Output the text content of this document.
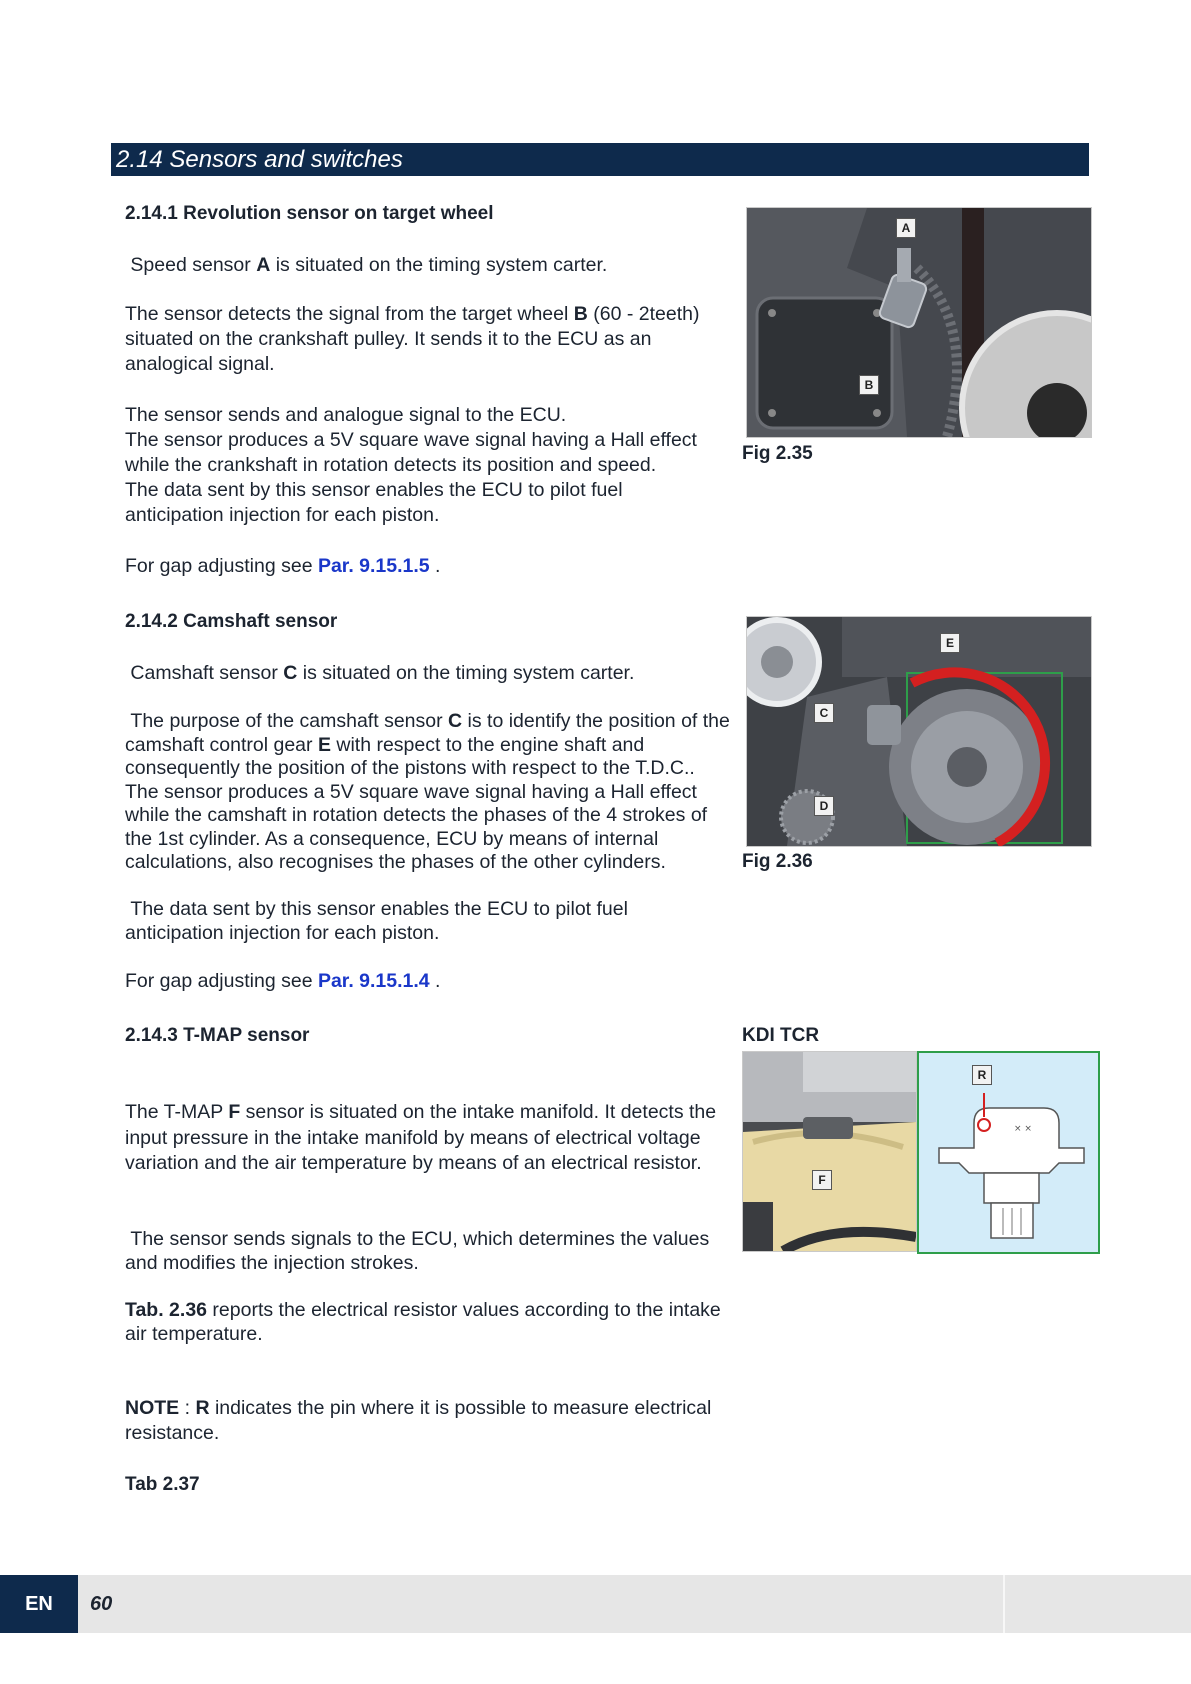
2.14 Sensors and switches
2.14.1 Revolution sensor on target wheel
Speed sensor A is situated on the timing system carter.
The sensor detects the signal from the target wheel B (60 - 2teeth) situated on the crankshaft pulley. It sends it to the ECU as an analogical signal.
The sensor sends and analogue signal to the ECU.
The sensor produces a 5V square wave signal having a Hall effect while the crankshaft in rotation detects its position and speed.
The data sent by this sensor enables the ECU to pilot fuel anticipation injection for each piston.
For gap adjusting see Par. 9.15.1.5 .
A
B
Fig 2.35
2.14.2 Camshaft sensor
Camshaft sensor C is situated on the timing system carter.
The purpose of the camshaft sensor C is to identify the position of the camshaft control gear E with respect to the engine shaft and consequently the position of the pistons with respect to the T.D.C.. The sensor produces a 5V square wave signal having a Hall effect while the camshaft in rotation detects the phases of the 4 strokes of the 1st cylinder. As a consequence, ECU by means of internal calculations, also recognises the phases of the other cylinders.
The data sent by this sensor enables the ECU to pilot fuel anticipation injection for each piston.
For gap adjusting see Par. 9.15.1.4 .
E
C
D
Fig 2.36
2.14.3 T-MAP sensor	KDI TCR
The T-MAP F sensor is situated on the intake manifold. It detects the input pressure in the intake manifold by means of electrical voltage variation and the air temperature by means of an electrical resistor.
The sensor sends signals to the ECU, which determines the values and modifies the injection strokes.
Tab. 2.36 reports the electrical resistor values according to the intake air temperature.
NOTE : R indicates the pin where it is possible to measure electrical resistance.
Tab 2.37
F
× ×
R
EN	60
